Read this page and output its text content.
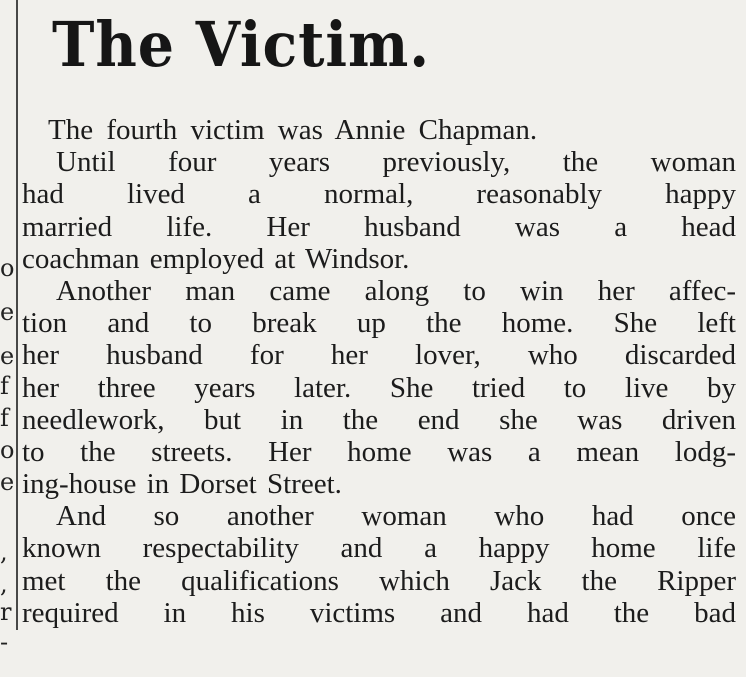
o
e
e
f
f
o
e
,
,
r
-
The Victim.
The fourth victim was Annie Chapman.
Until four years previously, the woman
had lived a normal, reasonably happy
married life. Her husband was a head
coachman employed at Windsor.
Another man came along to win her affec-
tion and to break up the home. She left
her husband for her lover, who discarded
her three years later. She tried to live by
needlework, but in the end she was driven
to the streets. Her home was a mean lodg-
ing-house in Dorset Street.
And so another woman who had once
known respectability and a happy home life
met the qualifications which Jack the Ripper
required in his victims and had the bad
